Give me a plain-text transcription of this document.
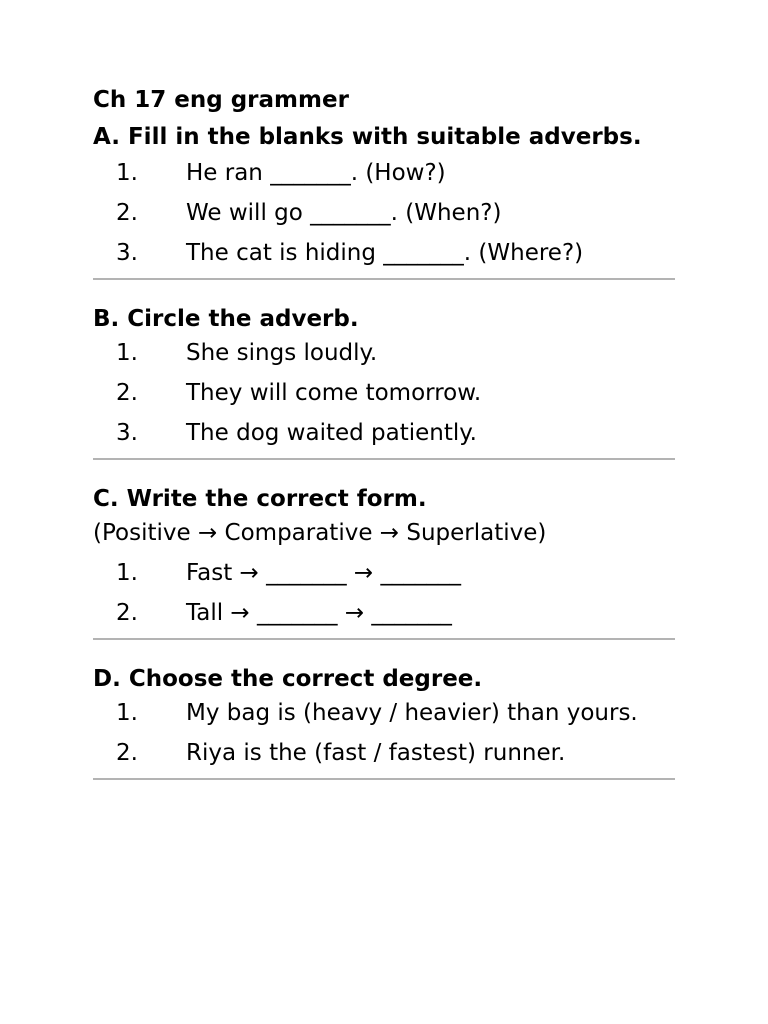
Ch 17 eng grammer
A. Fill in the blanks with suitable adverbs.
1. He ran _______. (How?)
2. We will go _______. (When?)
3. The cat is hiding _______. (Where?)
B. Circle the adverb.
1. She sings loudly.
2. They will come tomorrow.
3. The dog waited patiently.
C. Write the correct form.
(Positive → Comparative → Superlative)
1. Fast → _______ → _______
2. Tall → _______ → _______
D. Choose the correct degree.
1. My bag is (heavy / heavier) than yours.
2. Riya is the (fast / fastest) runner.
